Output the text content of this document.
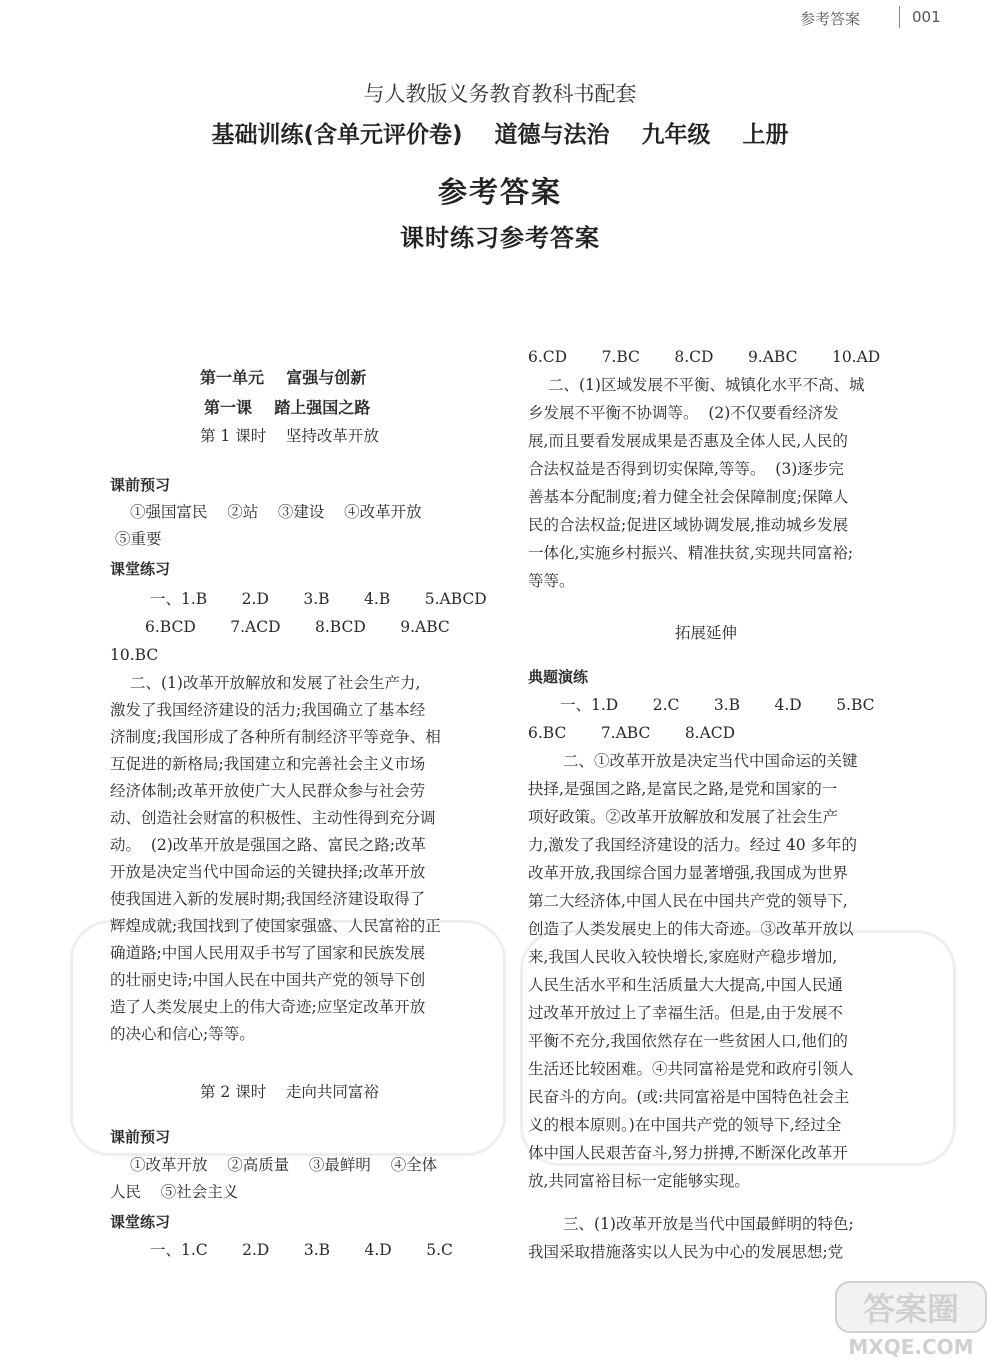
参考答案	001
与人教版义务教育教科书配套
基础训练(含单元评价卷)    道德与法治    九年级    上册
参考答案
课时练习参考答案
第一单元    富强与创新
第一课    踏上强国之路
第 1 课时    坚持改革开放
课前预习
①强国富民    ②站    ③建设    ④改革开放
⑤重要
课堂练习
一、1.B       2.D       3.B       4.B       5.ABCD
6.BCD       7.ACD       8.BCD       9.ABC
10.BC
二、(1)改革开放解放和发展了社会生产力,
激发了我国经济建设的活力;我国确立了基本经
济制度;我国形成了各种所有制经济平等竞争、相
互促进的新格局;我国建立和完善社会主义市场
经济体制;改革开放使广大人民群众参与社会劳
动、创造社会财富的积极性、主动性得到充分调
动。  (2)改革开放是强国之路、富民之路;改革
开放是决定当代中国命运的关键抉择;改革开放
使我国进入新的发展时期;我国经济建设取得了
辉煌成就;我国找到了使国家强盛、人民富裕的正
确道路;中国人民用双手书写了国家和民族发展
的壮丽史诗;中国人民在中国共产党的领导下创
造了人类发展史上的伟大奇迹;应坚定改革开放
的决心和信心;等等。
第 2 课时    走向共同富裕
课前预习
①改革开放    ②高质量    ③最鲜明    ④全体
人民    ⑤社会主义
课堂练习
一、1.C       2.D       3.B       4.D       5.C
6.CD       7.BC       8.CD       9.ABC       10.AD
二、(1)区域发展不平衡、城镇化水平不高、城
乡发展不平衡不协调等。  (2)不仅要看经济发
展,而且要看发展成果是否惠及全体人民,人民的
合法权益是否得到切实保障,等等。  (3)逐步完
善基本分配制度;着力健全社会保障制度;保障人
民的合法权益;促进区域协调发展,推动城乡发展
一体化,实施乡村振兴、精准扶贫,实现共同富裕;
等等。
拓展延伸
典题演练
一、1.D       2.C       3.B       4.D       5.BC
6.BC       7.ABC       8.ACD
二、①改革开放是决定当代中国命运的关键
抉择,是强国之路,是富民之路,是党和国家的一
项好政策。②改革开放解放和发展了社会生产
力,激发了我国经济建设的活力。经过 40 多年的
改革开放,我国综合国力显著增强,我国成为世界
第二大经济体,中国人民在中国共产党的领导下,
创造了人类发展史上的伟大奇迹。③改革开放以
来,我国人民收入较快增长,家庭财产稳步增加,
人民生活水平和生活质量大大提高,中国人民通
过改革开放过上了幸福生活。但是,由于发展不
平衡不充分,我国依然存在一些贫困人口,他们的
生活还比较困难。④共同富裕是党和政府引领人
民奋斗的方向。(或:共同富裕是中国特色社会主
义的根本原则。)在中国共产党的领导下,经过全
体中国人民艰苦奋斗,努力拼搏,不断深化改革开
放,共同富裕目标一定能够实现。
三、(1)改革开放是当代中国最鲜明的特色;
我国采取措施落实以人民为中心的发展思想;党
答案圈
MXQE.COM
